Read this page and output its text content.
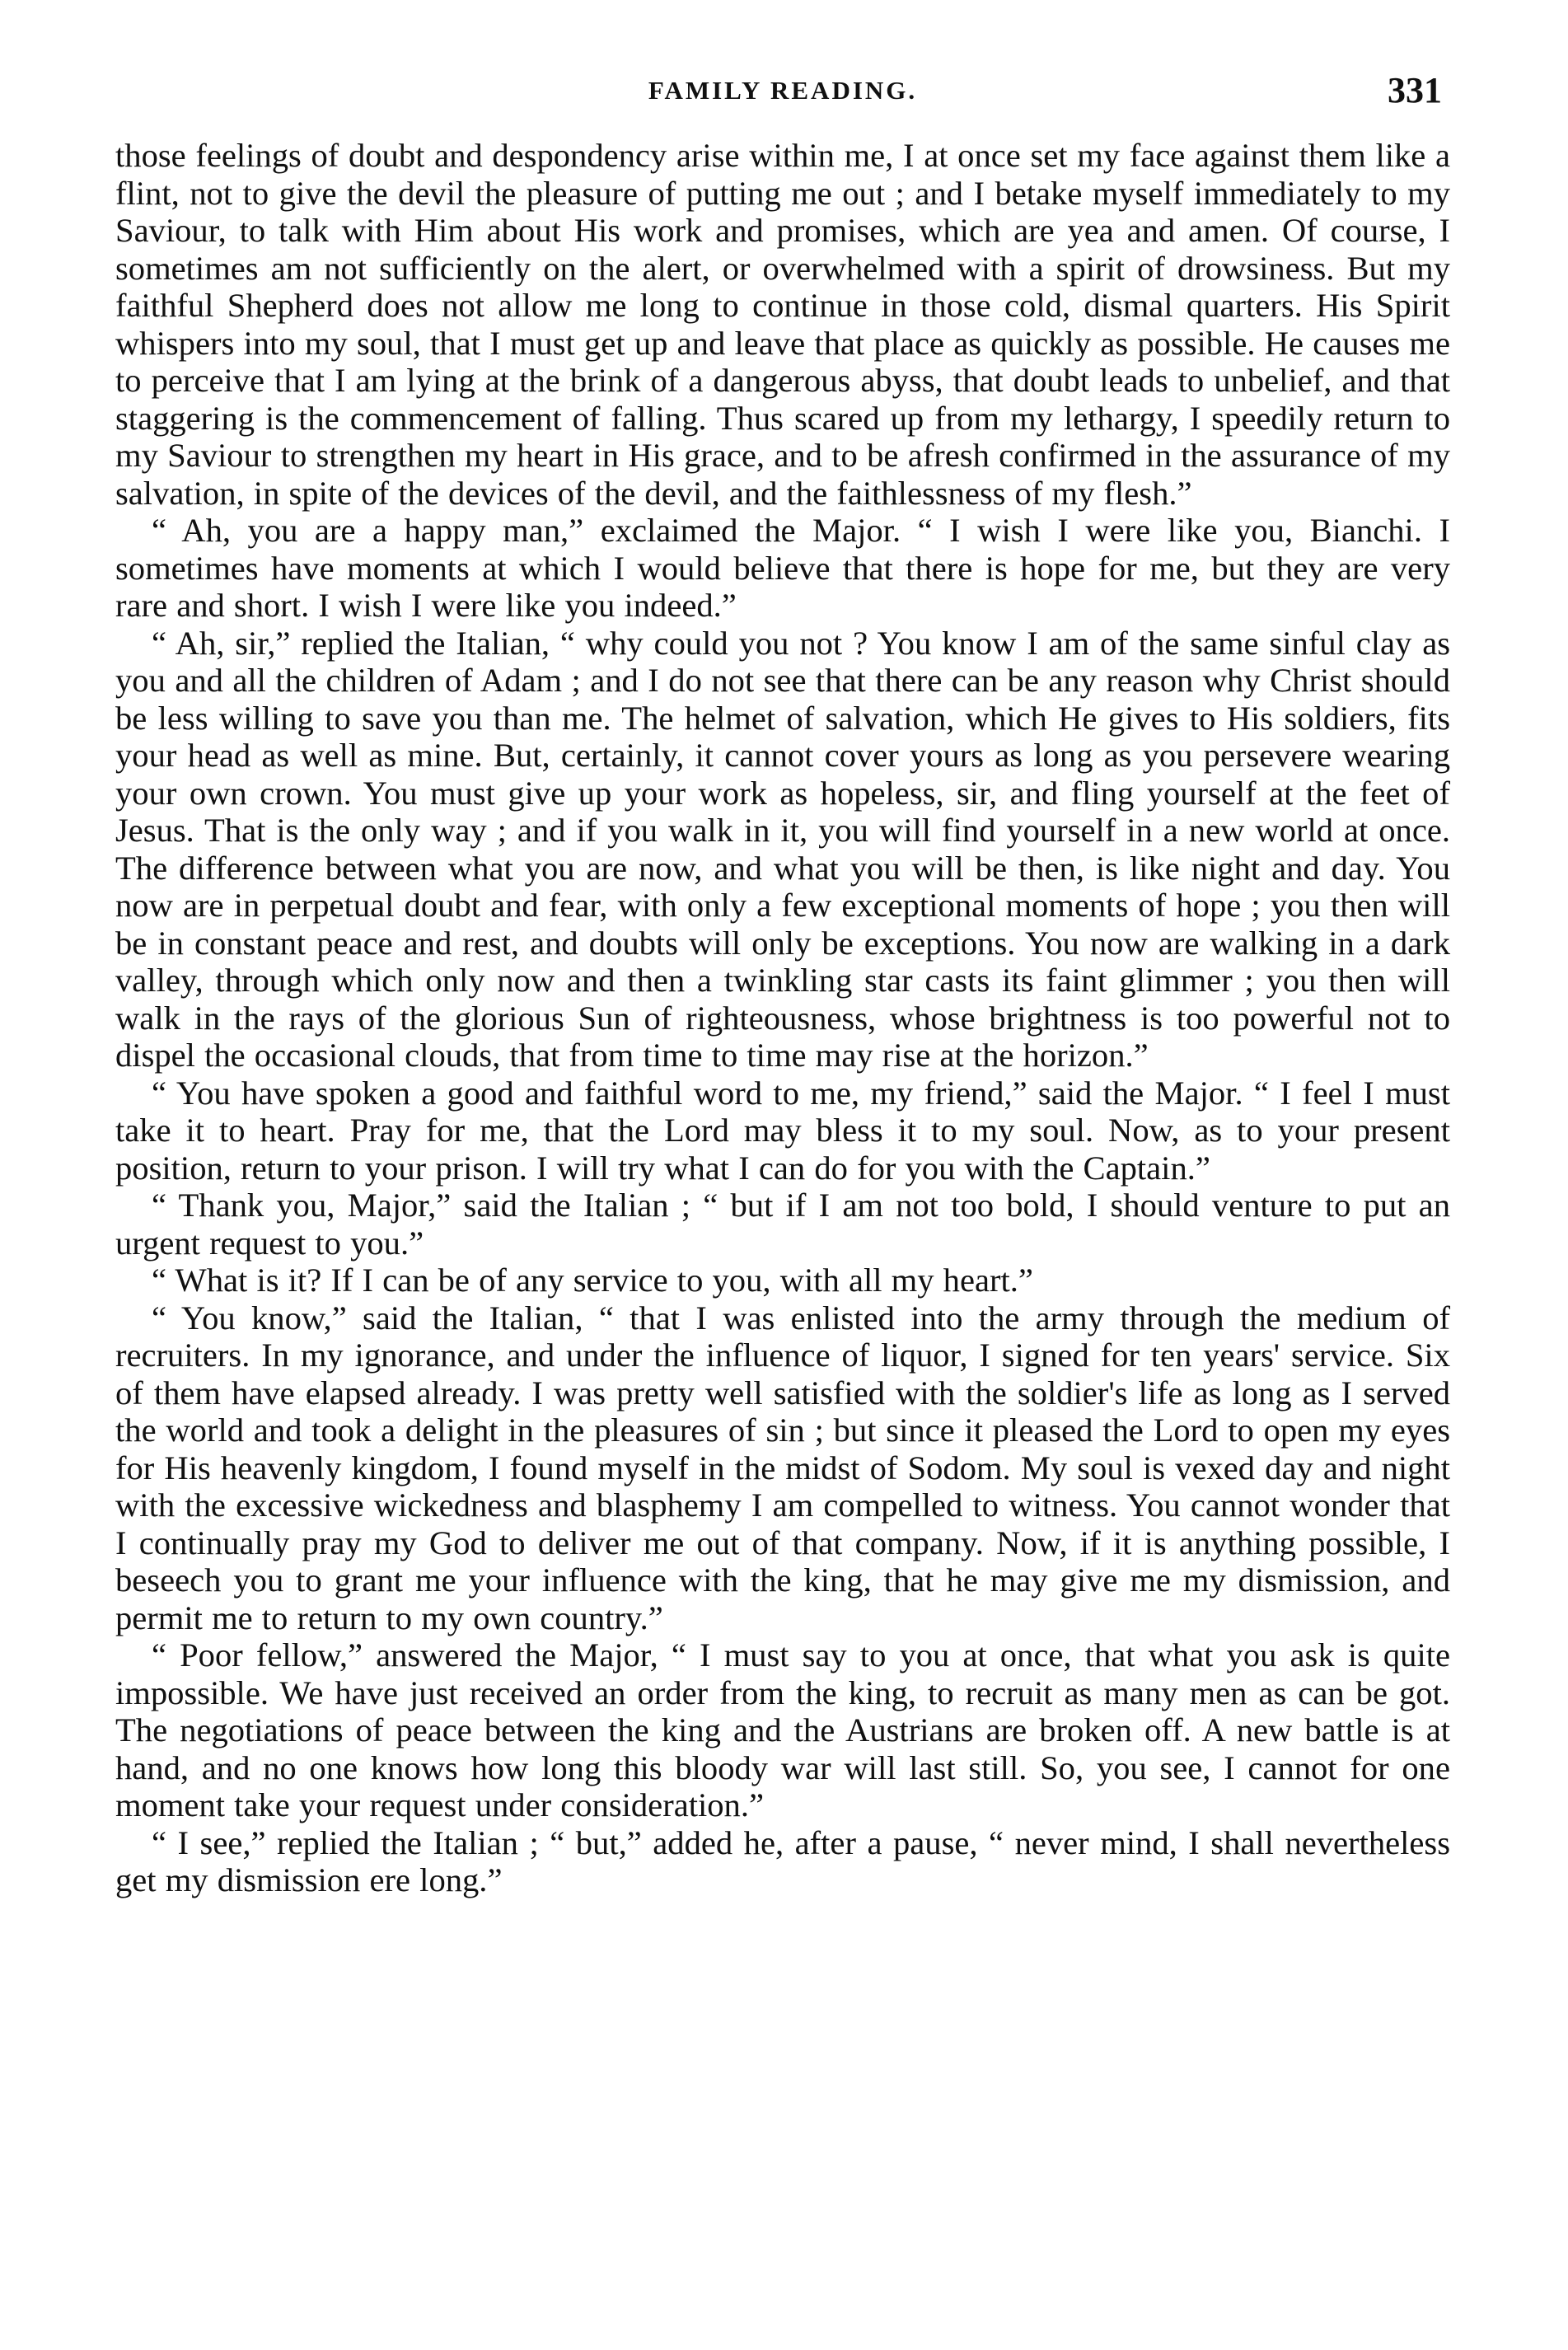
FAMILY READING.	331

those feelings of doubt and despondency arise within me, I at once set my face against them like a flint, not to give the devil the pleasure of putting me out ; and I betake myself immediately to my Saviour, to talk with Him about His work and promises, which are yea and amen. Of course, I sometimes am not sufficiently on the alert, or overwhelmed with a spirit of drowsiness. But my faithful Shepherd does not allow me long to continue in those cold, dismal quarters. His Spirit whispers into my soul, that I must get up and leave that place as quickly as possible. He causes me to perceive that I am lying at the brink of a dangerous abyss, that doubt leads to unbelief, and that staggering is the commencement of falling. Thus scared up from my lethargy, I speedily return to my Saviour to strengthen my heart in His grace, and to be afresh confirmed in the assurance of my salvation, in spite of the devices of the devil, and the faithlessness of my flesh.”

“ Ah, you are a happy man,” exclaimed the Major. “ I wish I were like you, Bianchi. I sometimes have moments at which I would believe that there is hope for me, but they are very rare and short. I wish I were like you indeed.”

“ Ah, sir,” replied the Italian, “ why could you not ? You know I am of the same sinful clay as you and all the children of Adam ; and I do not see that there can be any reason why Christ should be less willing to save you than me. The helmet of salvation, which He gives to His soldiers, fits your head as well as mine. But, certainly, it cannot cover yours as long as you persevere wearing your own crown. You must give up your work as hopeless, sir, and fling yourself at the feet of Jesus. That is the only way ; and if you walk in it, you will find yourself in a new world at once. The difference between what you are now, and what you will be then, is like night and day. You now are in perpetual doubt and fear, with only a few exceptional moments of hope ; you then will be in constant peace and rest, and doubts will only be exceptions. You now are walking in a dark valley, through which only now and then a twinkling star casts its faint glimmer ; you then will walk in the rays of the glorious Sun of righteousness, whose brightness is too powerful not to dispel the occasional clouds, that from time to time may rise at the horizon.”

“ You have spoken a good and faithful word to me, my friend,” said the Major. “ I feel I must take it to heart. Pray for me, that the Lord may bless it to my soul. Now, as to your present position, return to your prison. I will try what I can do for you with the Captain.”

“ Thank you, Major,” said the Italian ; “ but if I am not too bold, I should venture to put an urgent request to you.”

“ What is it? If I can be of any service to you, with all my heart.”

“ You know,” said the Italian, “ that I was enlisted into the army through the medium of recruiters. In my ignorance, and under the influence of liquor, I signed for ten years' service. Six of them have elapsed already. I was pretty well satisfied with the soldier's life as long as I served the world and took a delight in the pleasures of sin ; but since it pleased the Lord to open my eyes for His heavenly kingdom, I found myself in the midst of Sodom. My soul is vexed day and night with the excessive wickedness and blasphemy I am compelled to witness. You cannot wonder that I continually pray my God to deliver me out of that company. Now, if it is anything possible, I beseech you to grant me your influence with the king, that he may give me my dismission, and permit me to return to my own country.”

“ Poor fellow,” answered the Major, “ I must say to you at once, that what you ask is quite impossible. We have just received an order from the king, to recruit as many men as can be got. The negotiations of peace between the king and the Austrians are broken off. A new battle is at hand, and no one knows how long this bloody war will last still. So, you see, I cannot for one moment take your request under consideration.”

“ I see,” replied the Italian ; “ but,” added he, after a pause, “ never mind, I shall nevertheless get my dismission ere long.”
